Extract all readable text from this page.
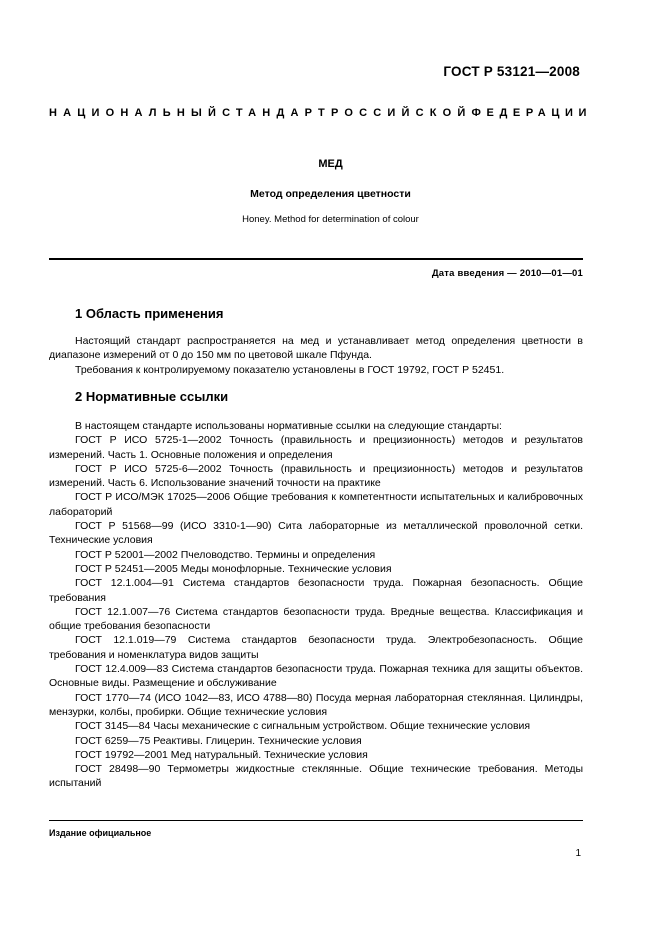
ГОСТ Р 53121—2008
НАЦИОНАЛЬНЫЙ СТАНДАРТ РОССИЙСКОЙ ФЕДЕРАЦИИ
МЕД
Метод определения цветности
Honey. Method for determination of colour
Дата введения — 2010—01—01
1 Область применения

Настоящий стандарт распространяется на мед и устанавливает метод определения цветности в диапазоне измерений от 0 до 150 мм по цветовой шкале Пфунда.

Требования к контролируемому показателю установлены в ГОСТ 19792, ГОСТ Р 52451.

2 Нормативные ссылки

В настоящем стандарте использованы нормативные ссылки на следующие стандарты:

ГОСТ Р ИСО 5725-1—2002 Точность (правильность и прецизионность) методов и результатов измерений. Часть 1. Основные положения и определения

ГОСТ Р ИСО 5725-6—2002 Точность (правильность и прецизионность) методов и результатов измерений. Часть 6. Использование значений точности на практике

ГОСТ Р ИСО/МЭК 17025—2006 Общие требования к компетентности испытательных и калибровочных лабораторий

ГОСТ Р 51568—99 (ИСО 3310-1—90) Сита лабораторные из металлической проволочной сетки. Технические условия

ГОСТ Р 52001—2002 Пчеловодство. Термины и определения

ГОСТ Р 52451—2005 Меды монофлорные. Технические условия

ГОСТ 12.1.004—91 Система стандартов безопасности труда. Пожарная безопасность. Общие требования

ГОСТ 12.1.007—76 Система стандартов безопасности труда. Вредные вещества. Классификация и общие требования безопасности

ГОСТ 12.1.019—79 Система стандартов безопасности труда. Электробезопасность. Общие требования и номенклатура видов защиты

ГОСТ 12.4.009—83 Система стандартов безопасности труда. Пожарная техника для защиты объектов. Основные виды. Размещение и обслуживание

ГОСТ 1770—74 (ИСО 1042—83, ИСО 4788—80) Посуда мерная лабораторная стеклянная. Цилиндры, мензурки, колбы, пробирки. Общие технические условия

ГОСТ 3145—84 Часы механические с сигнальным устройством. Общие технические условия

ГОСТ 6259—75 Реактивы. Глицерин. Технические условия

ГОСТ 19792—2001 Мед натуральный. Технические условия

ГОСТ 28498—90 Термометры жидкостные стеклянные. Общие технические требования. Методы испытаний

Издание официальное
1
